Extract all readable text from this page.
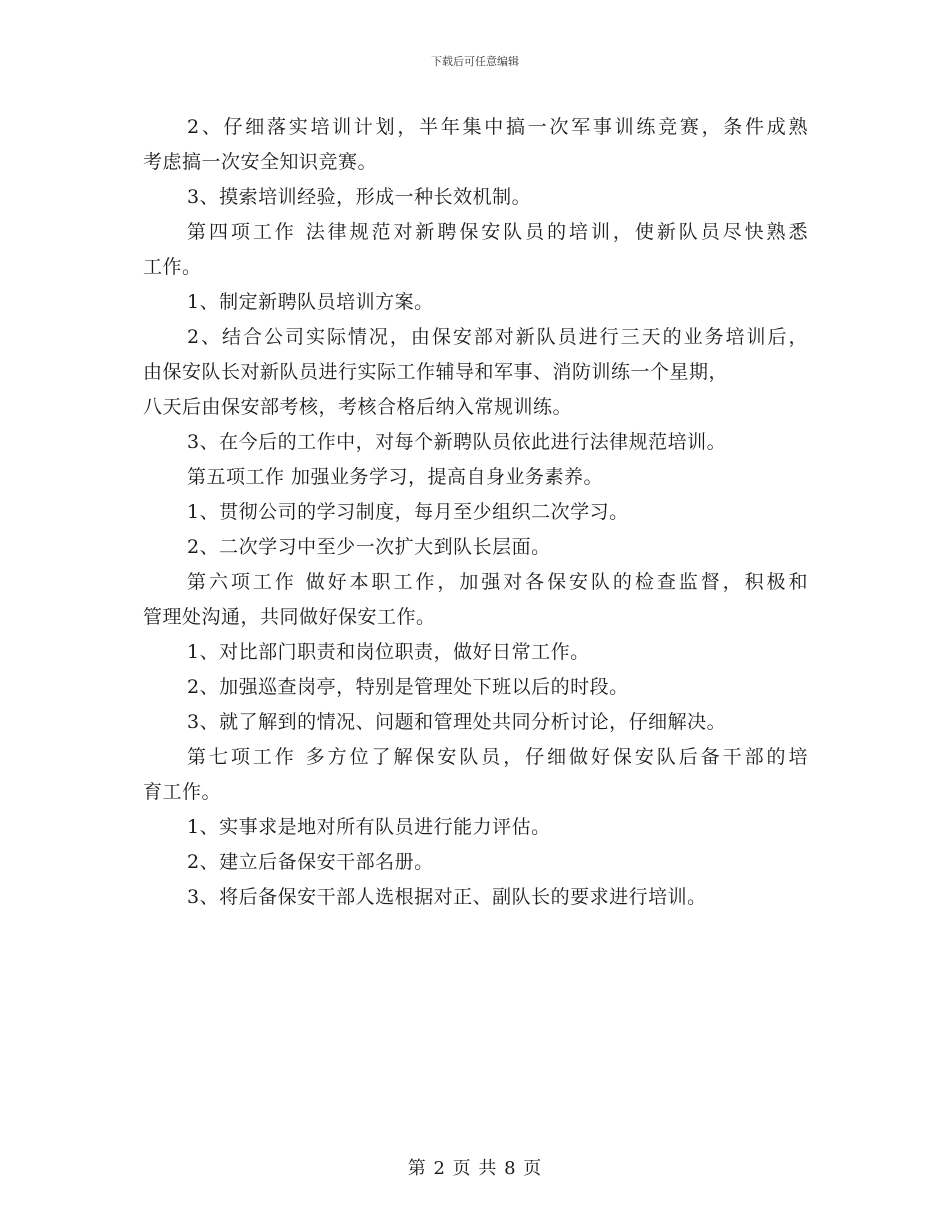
下载后可任意编辑
2、仔细落实培训计划，半年集中搞一次军事训练竞赛，条件成熟
考虑搞一次安全知识竞赛。
3、摸索培训经验，形成一种长效机制。
第四项工作 法律规范对新聘保安队员的培训，使新队员尽快熟悉
工作。
1、制定新聘队员培训方案。
2、结合公司实际情况，由保安部对新队员进行三天的业务培训后，
由保安队长对新队员进行实际工作辅导和军事、消防训练一个星期，
八天后由保安部考核，考核合格后纳入常规训练。
3、在今后的工作中，对每个新聘队员依此进行法律规范培训。
第五项工作 加强业务学习，提高自身业务素养。
1、贯彻公司的学习制度，每月至少组织二次学习。
2、二次学习中至少一次扩大到队长层面。
第六项工作 做好本职工作，加强对各保安队的检查监督，积极和
管理处沟通，共同做好保安工作。
1、对比部门职责和岗位职责，做好日常工作。
2、加强巡查岗亭，特别是管理处下班以后的时段。
3、就了解到的情况、问题和管理处共同分析讨论，仔细解决。
第七项工作 多方位了解保安队员，仔细做好保安队后备干部的培
育工作。
1、实事求是地对所有队员进行能力评估。
2、建立后备保安干部名册。
3、将后备保安干部人选根据对正、副队长的要求进行培训。
第 2 页 共 8 页
